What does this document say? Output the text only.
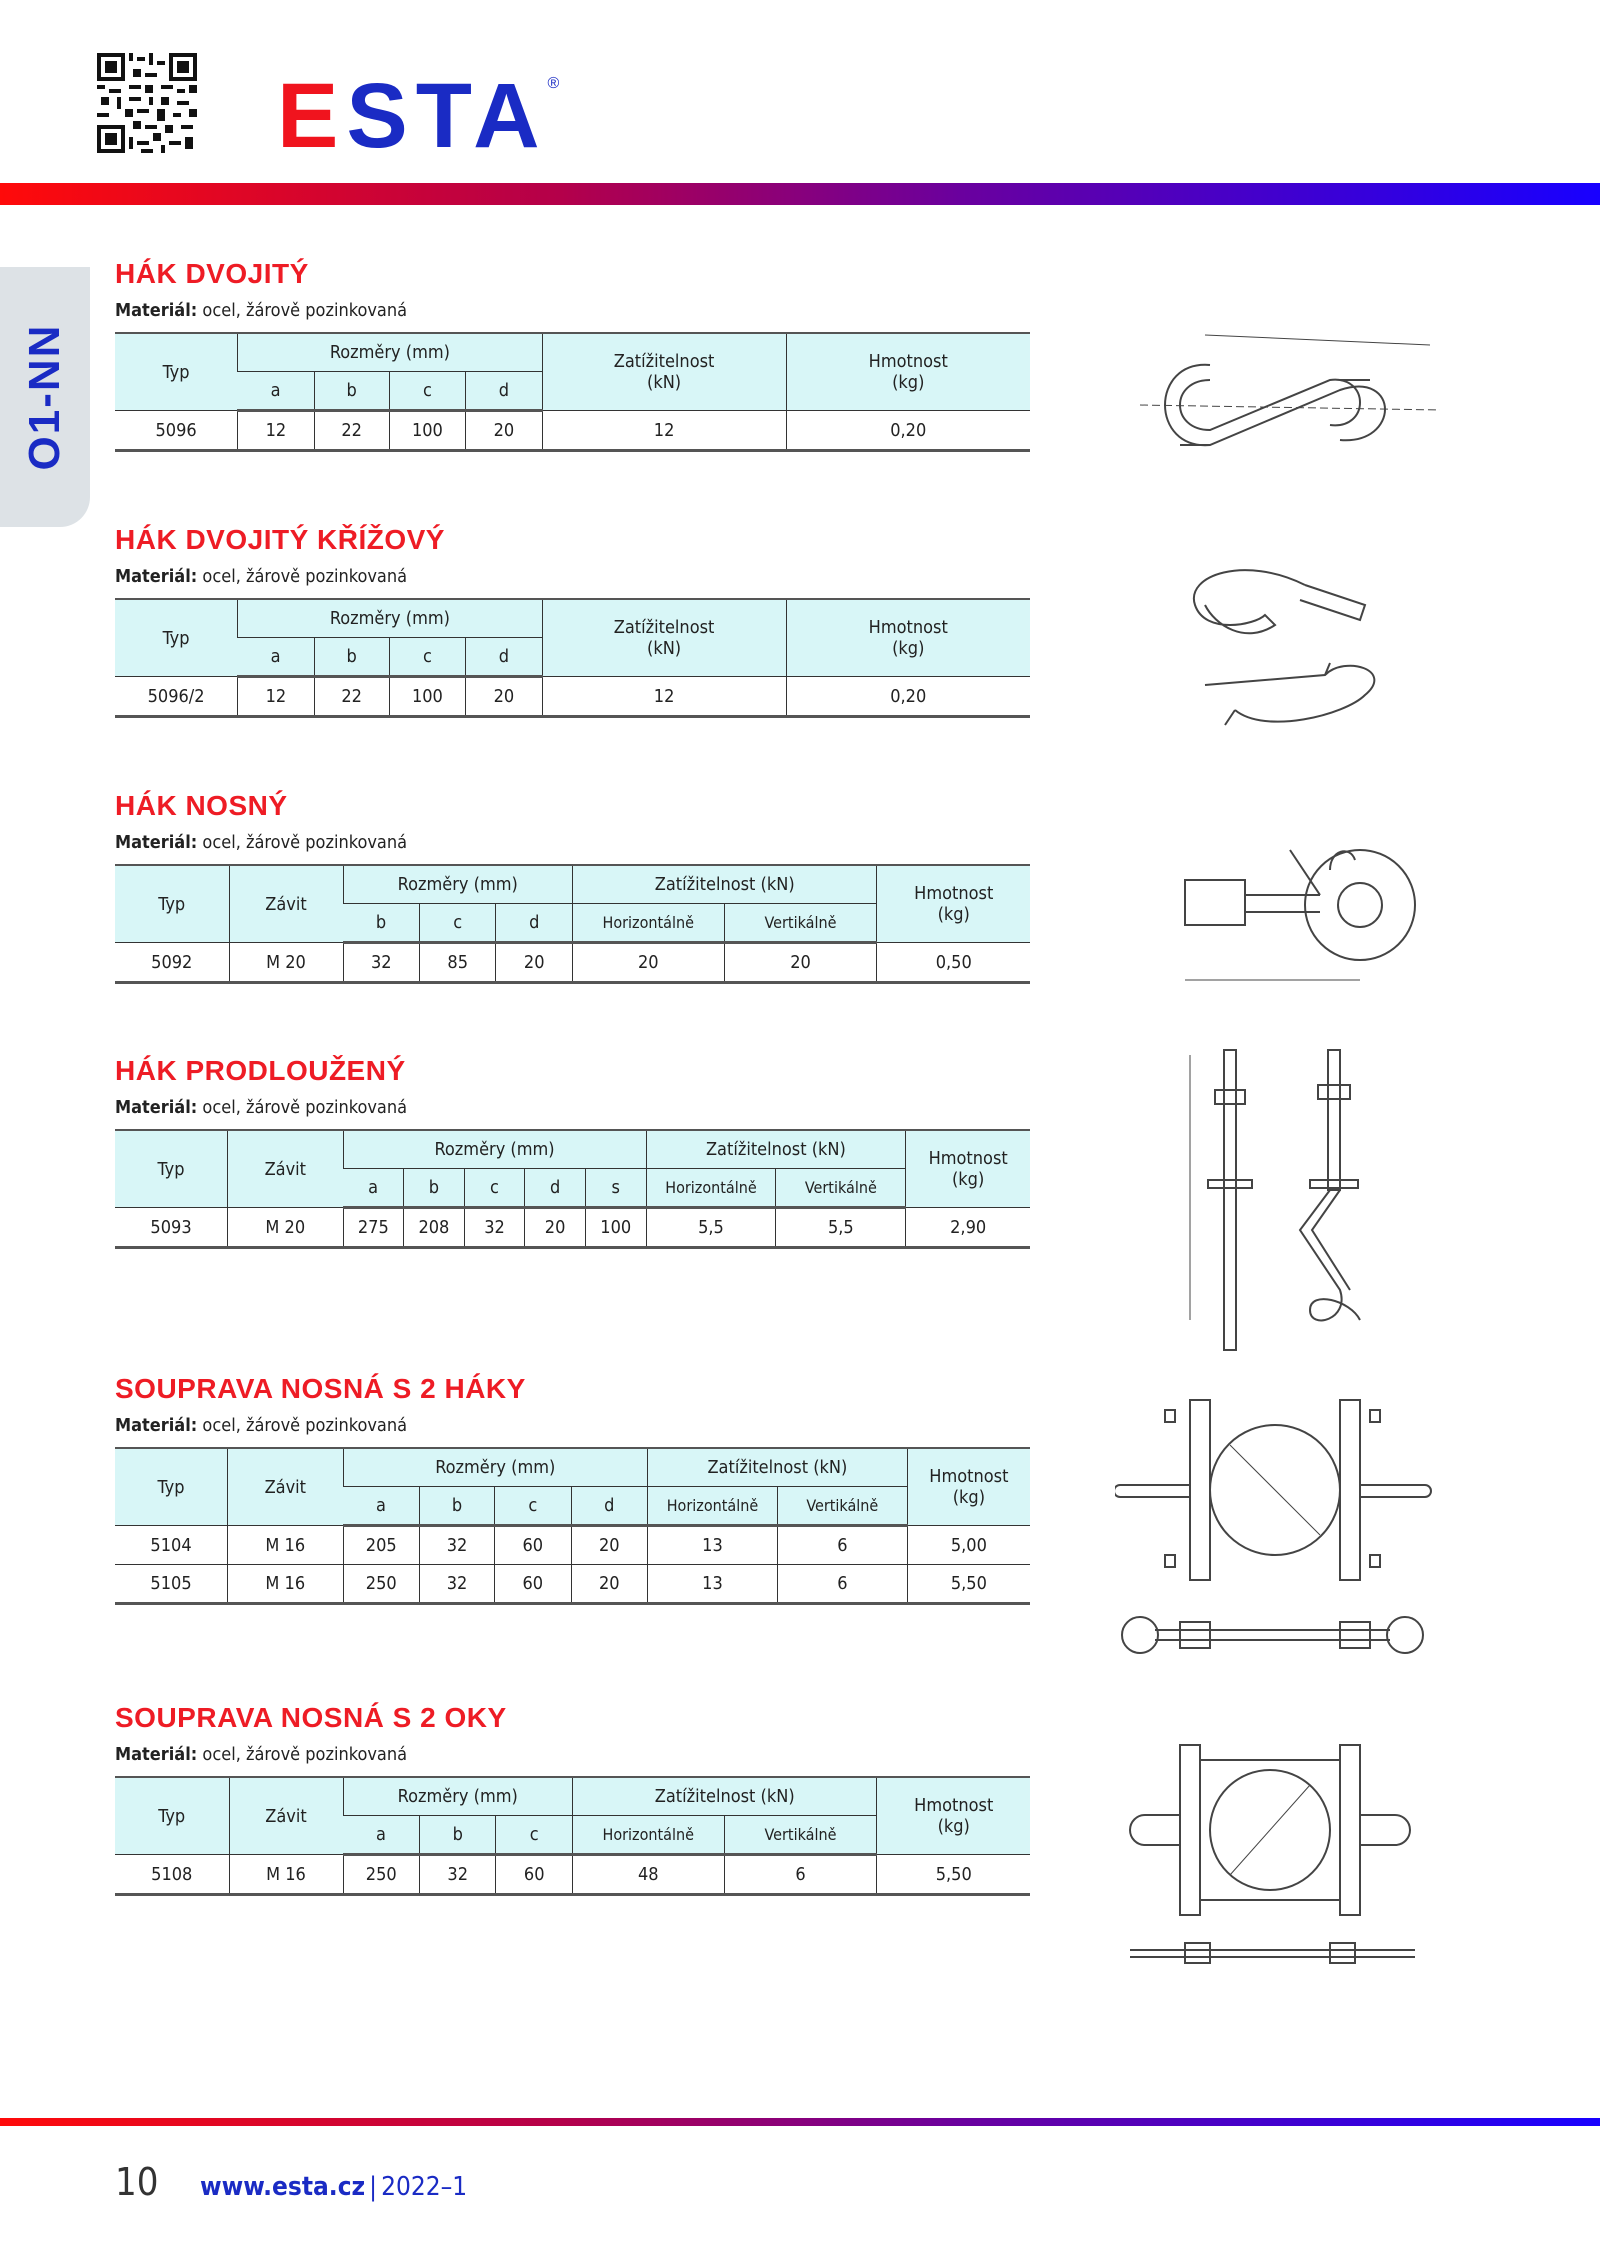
ESTA®
O1-NN
HÁK DVOJITÝ
Materiál: ocel, žárově pozinkovaná
Typ	Rozměry (mm)				Zatížitelnost
(kN)	Hmotnost
(kg)
	a	b	c	d		
5096	12	22	100	20	12	0,20
HÁK DVOJITÝ KŘÍŽOVÝ
Materiál: ocel, žárově pozinkovaná
Typ	Rozměry (mm)				Zatížitelnost
(kN)	Hmotnost
(kg)
	a	b	c	d		
5096/2	12	22	100	20	12	0,20
HÁK NOSNÝ
Materiál: ocel, žárově pozinkovaná
Typ	Závit	Rozměry (mm)			Zatížitelnost (kN)		Hmotnost
(kg)
		b	c	d	Horizontálně	Vertikálně	
5092	M 20	32	85	20	20	20	0,50
HÁK PRODLOUŽENÝ
Materiál: ocel, žárově pozinkovaná
Typ	Závit	Rozměry (mm)					Zatížitelnost (kN)		Hmotnost
(kg)
		a	b	c	d	s	Horizontálně	Vertikálně	
5093	M 20	275	208	32	20	100	5,5	5,5	2,90
SOUPRAVA NOSNÁ S 2 HÁKY
Materiál: ocel, žárově pozinkovaná
Typ	Závit	Rozměry (mm)				Zatížitelnost (kN)		Hmotnost
(kg)
		a	b	c	d	Horizontálně	Vertikálně	
5104	M 16	205	32	60	20	13	6	5,00
5105	M 16	250	32	60	20	13	6	5,50
SOUPRAVA NOSNÁ S 2 OKY
Materiál: ocel, žárově pozinkovaná
Typ	Závit	Rozměry (mm)			Zatížitelnost (kN)		Hmotnost
(kg)
		a	b	c	Horizontálně	Vertikálně	
5108	M 16	250	32	60	48	6	5,50
10 www.esta.cz | 2022–1
